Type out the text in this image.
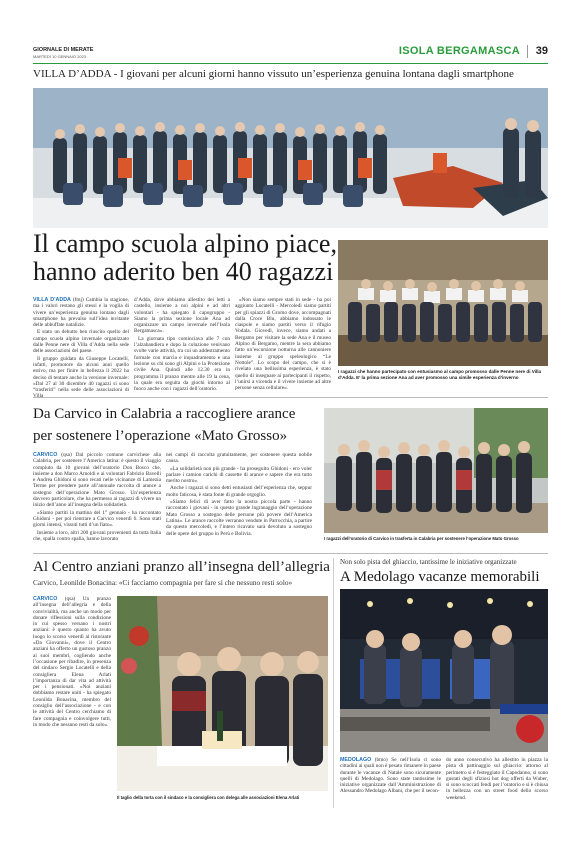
GIORNALE DI MERATE
MARTEDÌ 10 GENNAIO 2023	ISOLA BERGAMASCA 39
VILLA D’ADDA - I giovani per alcuni giorni hanno vissuto un’esperienza genuina lontana dagli smartphone
Il campo scuola alpino piace,
hanno aderito ben 40 ragazzi

VILLA D’ADDA (fmj) Cambia la stagione, ma i valori restano gli stessi e la voglia di vivere un’esperienza genuina lontano dagli smartphone ha prevalso sull’idea invitante delle abbuffate natalizie.

E stato un debutto ben riuscito quello del campo scuola alpino invernale organizzato dalle Penne nere di Villa d’Adda nella sede delle associazioni del paese.

Il gruppo guidato da Giuseppe Locatelli, infatti, promotore da alcuni anni quello estivo, ma per finire in bellezza il 2022 ha deciso di tentare anche la versione invernale: «Dal 27 al 30 dicembre 40 ragazzi si sono “trasferiti” nella sede delle associazioni di

d’Adda, dove abbiamo allestito dei letti a castello, insieme a noi alpini e ad altri volontari - ha spiegato il capogruppo - Siamo la prima sezione locale Ana ad organizzare un campo invernale nell’Isola Bergamasca».

La giornata tipo cominciava alle 7 con l’alzabandiera e dopo la colazione venivano svolte varie attività, tra cui un addestramento formale con marcia e inquadramento e una lezione su chi sono gli Alpini e la Protezione civile Ana. Quindi alle 12.30 era in programma il pranzo mentre alle 19 la cena, la quale era seguita da giochi intorno al fuoco anche con i ragazzi dell’oratorio.

«Non siamo sempre stati in sede - ha poi aggiunto Locatelli - Mercoledì siamo partiti per gli spiazzi di Gromo dove, accompagnati dalla Croce Blu, abbiamo indossato le ciaspole e siamo partiti verso il rifugio Vodala. Giovedì, invece, siamo andati a Bergamo per visitare la sede Ana e il museo Alpino di Bergamo, mentre la sera abbiamo fatto un’escursione notturna alle cannoniere insieme al gruppo speleologico “Le Nottole”. Lo scopo del campo, che si è rivelato una bellissima esperienza, è stato quello di insegnare ai partecipanti il rispetto, l’unirsi a vicenda e il vivere insieme ad altre persone senza cellulare».

I ragazzi che hanno partecipato con entusiasmo al campo promosso dalle Penne nere di Villa d’Adda. E’ la prima sezione Ana ad aver promosso una simile esperienza d’inverno
Da Carvico in Calabria a raccogliere arance
per sostenere l’operazione «Mato Grosso»

CARVICO (qsa) Dal piccolo comune carvichese alla Calabria, per sostenere l’America latina: è questo il viaggio compiuto da 10 giovani dell’oratorio Don Bosco che, insieme a don Marco Arnoldi e ai volontari Fabrizio Bavelli e Andrea Ghidoni si sono recati nelle vicinanze di Lamezia Terme per prendere parte all’annuale raccolta di arance a sostegno dell’operazione Mato Grosso. Un’esperienza davvero particolare, che ha permesso ai ragazzi di vivere un inizio dell’anno all’insegna della solidarietà.

«Siamo partiti la mattina del 1° gennaio - ha raccontato Ghidoni - per poi rientrare a Carvico venerdì 6. Sono stati giorni intensi, vissuti tutti d’un fiato».

Insieme a loro, altri 200 giovani provenienti da tutta Italia che, spalla contro spalla, hanno lavorato

nei campi di raccolta gratuitamente, per sostenere questa nobile causa.

«La solidarietà non più grande - ha proseguito Ghidoni - ero voler parlare i camion carichi di cassette di arance e sapere che era tutto merito nostro».

Anche i ragazzi si sono detti entusiasti dell’esperienza che, seppur molto faticosa, è stata fonte di grande orgoglio.

«Siamo felici di aver fatto la nostra piccola parte - hanno raccontato i giovani - in questo grande ingranaggio dell’operazione Mato Grosso a sostegno delle persone più povere dell’America Latina». Le arance raccolte verranno vendute in Parrocchia, a partire da questo mercoledì, e l’intero ricavato sarà devoluto a sostegno delle opere del gruppo in Perù e Bolivia.

I ragazzi dell’oratorio di Carvico in trasferta in Calabria per sostenere l’operazione Mato Grosso
Al Centro anziani pranzo all’insegna dell’allegria
Carvico, Leonilde Bonacina: «Ci facciamo compagnia per fare sì che nessuno resti solo»

CARVICO (qsa) Un pranzo all’insegna dell’allegria e della convivialità, ma anche un modo per donare riflessioni sulla condizione in cui spesso versano i nostri anziani: è questo quanto ha avuto luogo lo scorso venerdì al ristorante «Da Giovanni», dove il Centro anziani ha offerto un gustoso pranzo ai suoi membri, cogliendo anche l’occasione per ribadire, in presenza del sindaco Sergio Locatelli e della consigliera Elena Arlati l’importanza di dar vita ad attività per i pensionati. «Noi anziani dobbiamo restare uniti - ha spiegato Leonilda Bonacina, membro del consiglio dell’associazione - e con le attività del Centro cerchiamo di fare compagnia e coinvolgere tutti, in modo che nessuno resti da solo».

Il taglio della torta con il sindaco e la consigliera con delega alle associazioni Elena Arlati
Non solo pista del ghiaccio, tantissime le iniziative organizzate
A Medolago vacanze memorabili

MEDOLAGO (bmo) Se nell’Isola ci sono cittadini ai quali non è pesato rimanere in paese durante le vacanze di Natale sono sicuramente quelli di Medolago. Sono state tantissime le iniziative organizzate dall’Amministrazione di Alessandro Medolago Albani, che per il secon-

do anno consecutivo ha allestito in piazza la pista di pattinaggio sul ghiaccio: attorno al perimetro si è festeggiato il Capodanno, si sono gustati degli sfiziosi hot dog offerti da Wuber, si sono scoccati fendi per l’oratorio e si è chiusa in bellezza con un street food dello scorso weekend.
